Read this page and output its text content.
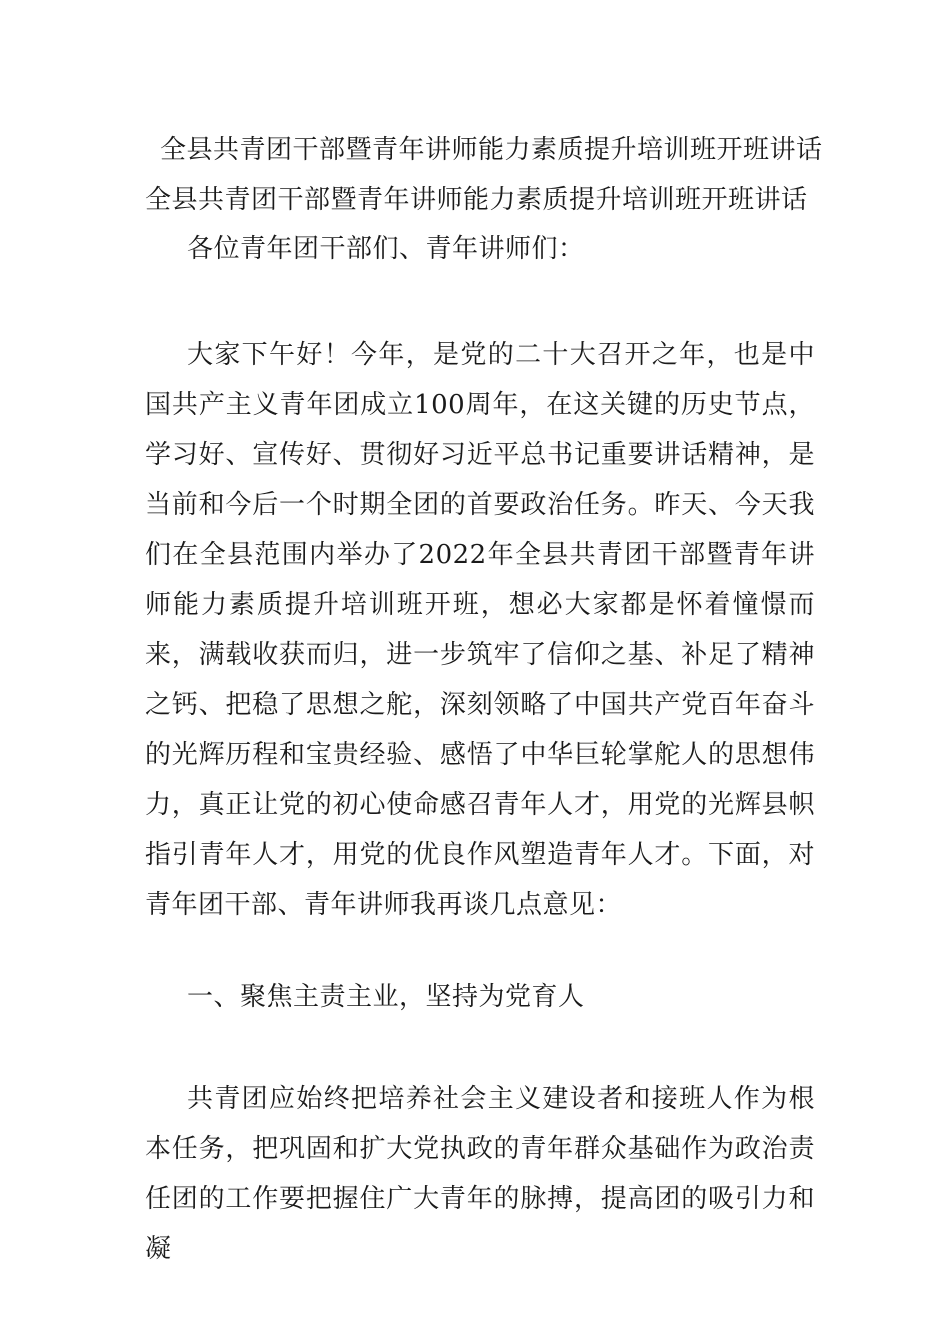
全县共青团干部暨青年讲师能力素质提升培训班开班讲话
全县共青团干部暨青年讲师能力素质提升培训班开班讲话
各位青年团干部们、青年讲师们：
大家下午好！今年，是党的二十大召开之年，也是中国共产主义青年团成立100周年，在这关键的历史节点，学习好、宣传好、贯彻好习近平总书记重要讲话精神，是当前和今后一个时期全团的首要政治任务。昨天、今天我们在全县范围内举办了2022年全县共青团干部暨青年讲师能力素质提升培训班开班，想必大家都是怀着憧憬而来，满载收获而归，进一步筑牢了信仰之基、补足了精神之钙、把稳了思想之舵，深刻领略了中国共产党百年奋斗的光辉历程和宝贵经验、感悟了中华巨轮掌舵人的思想伟力，真正让党的初心使命感召青年人才，用党的光辉县帜指引青年人才，用党的优良作风塑造青年人才。下面，对青年团干部、青年讲师我再谈几点意见：
一、聚焦主责主业，坚持为党育人
共青团应始终把培养社会主义建设者和接班人作为根本任务，把巩固和扩大党执政的青年群众基础作为政治责任团的工作要把握住广大青年的脉搏，提高团的吸引力和凝
